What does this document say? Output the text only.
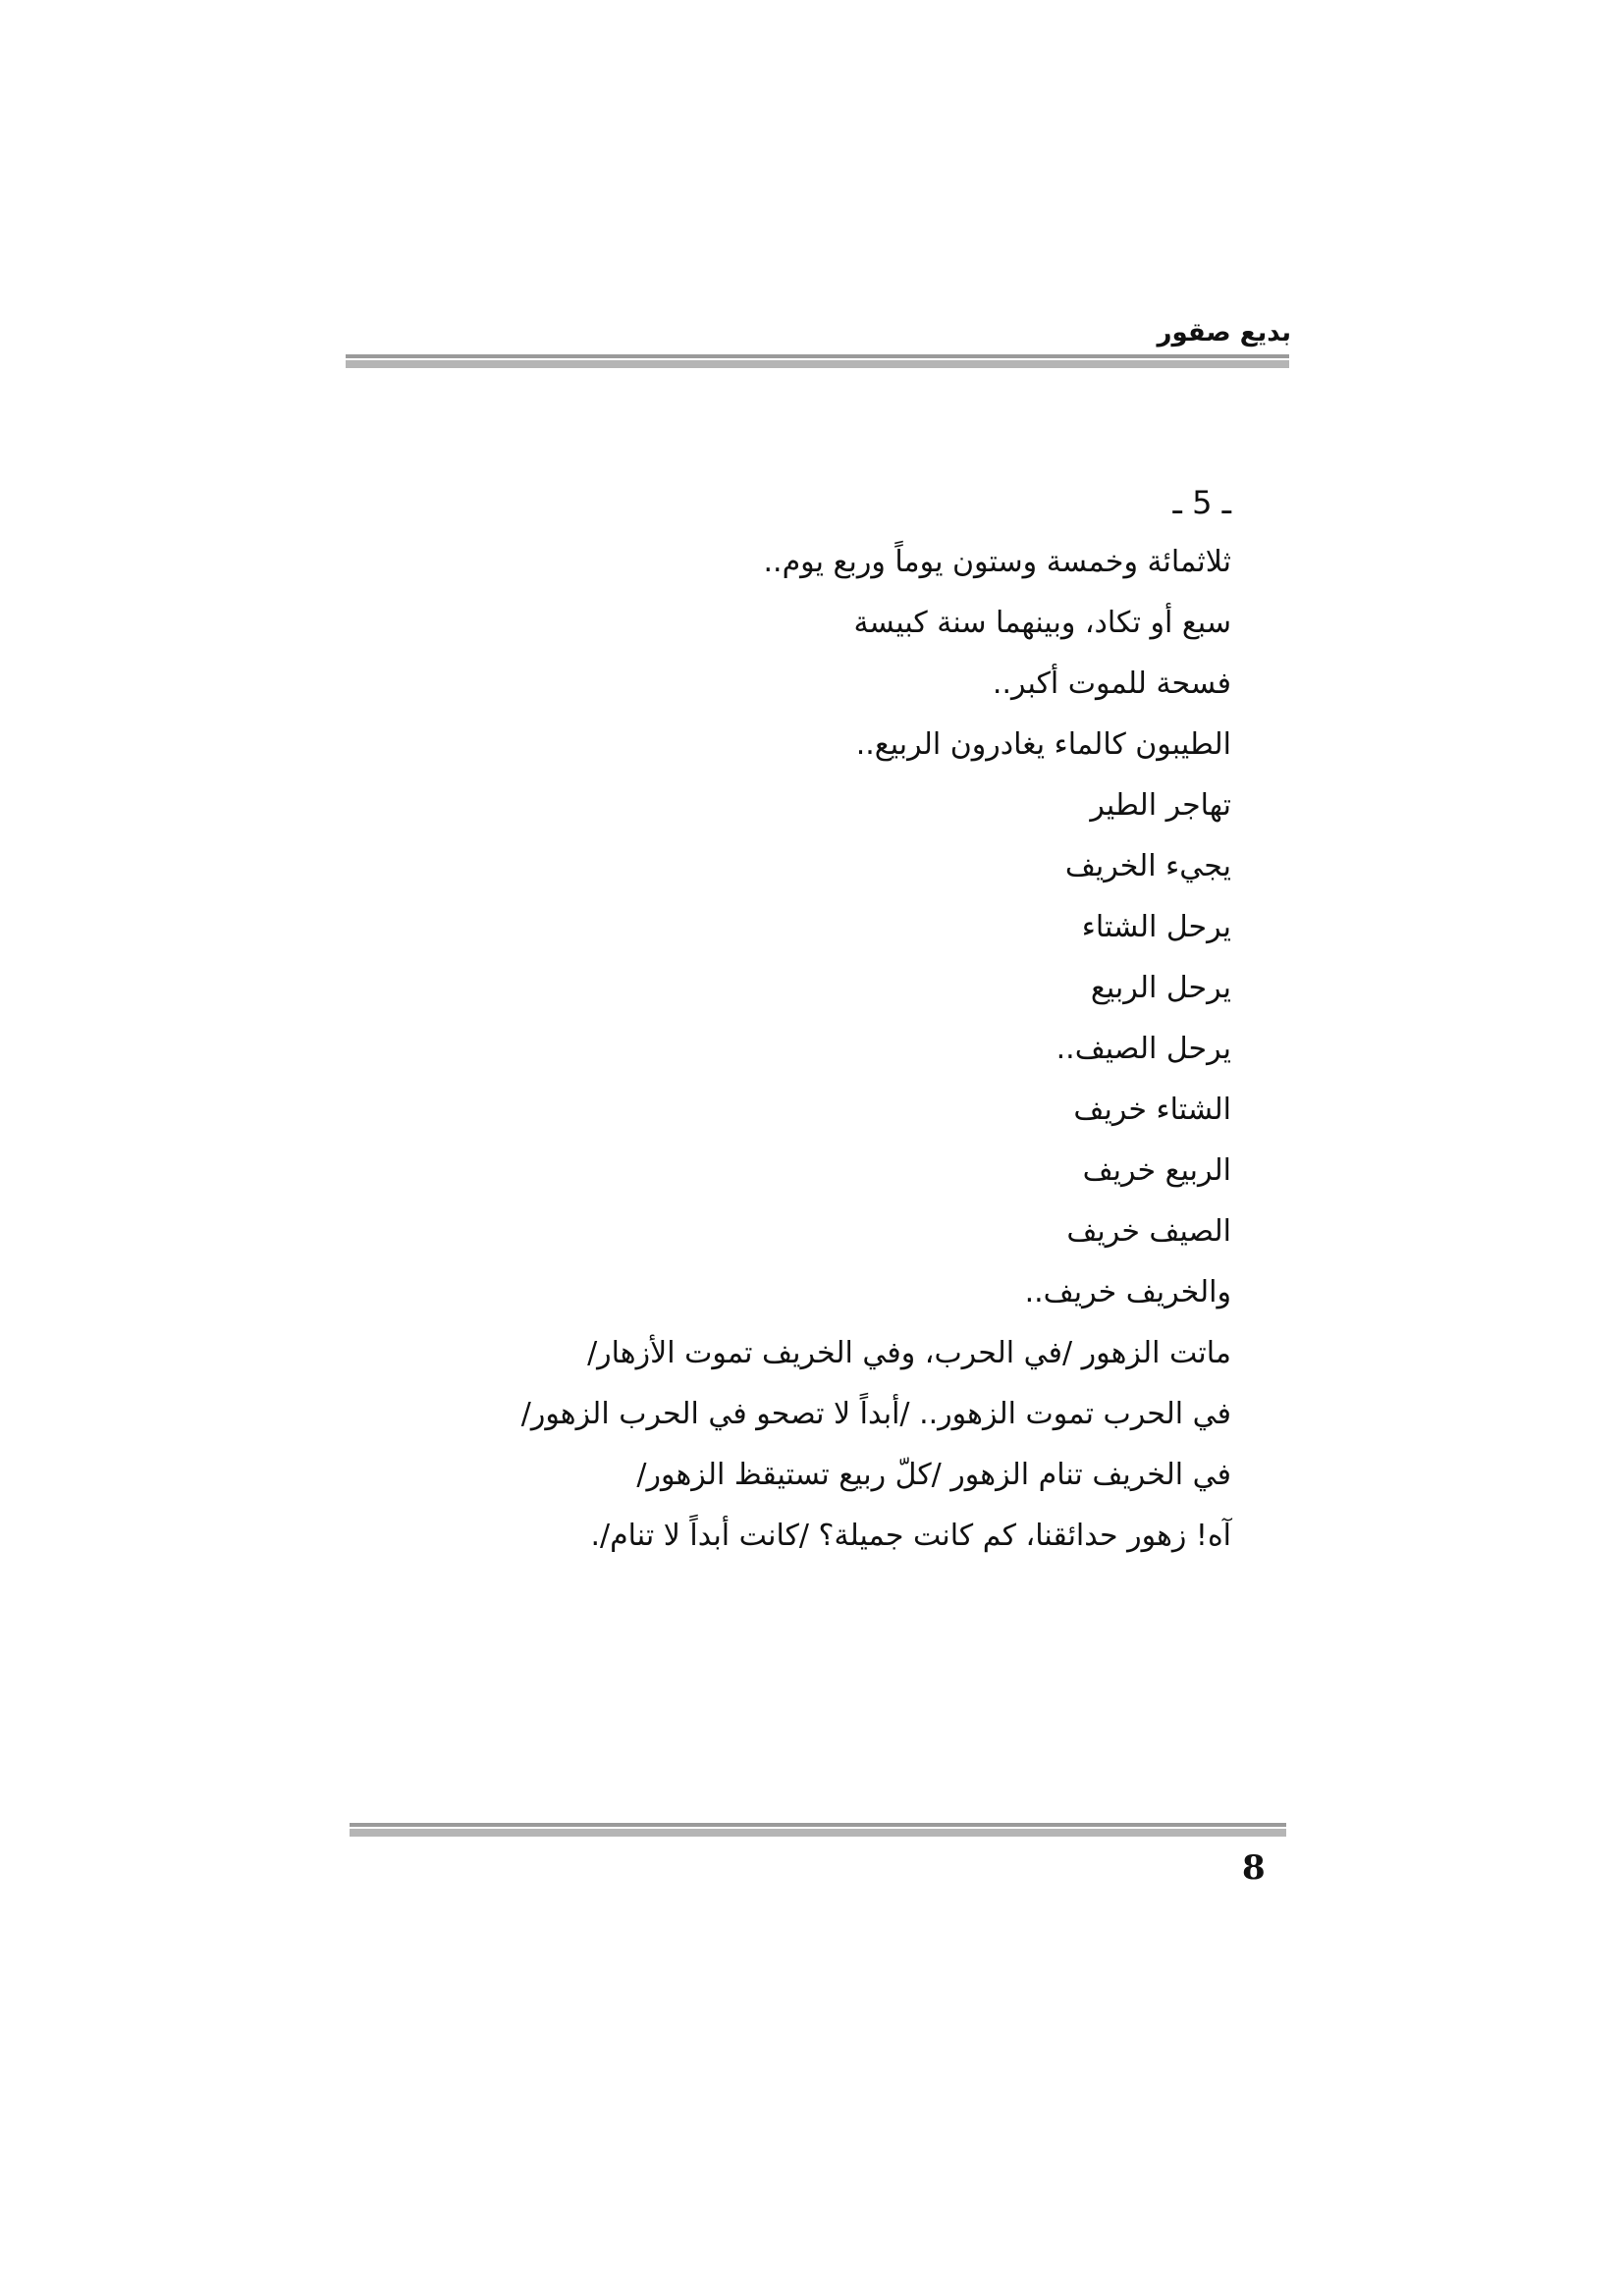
بديع صقور
ـ 5 ـ
ثلاثمائة وخمسة وستون يوماً وربع يوم..
سبع أو تكاد، وبينهما سنة كبيسة
فسحة للموت أكبر..
الطيبون كالماء يغادرون الربيع..
تهاجر الطير
يجيء الخريف
يرحل الشتاء
يرحل الربيع
يرحل الصيف..
الشتاء خريف
الربيع خريف
الصيف خريف
والخريف خريف..
ماتت الزهور /في الحرب، وفي الخريف تموت الأزهار/
في الحرب تموت الزهور.. /أبداً لا تصحو في الحرب الزهور/
في الخريف تنام الزهور /كلّ ربيع تستيقظ الزهور/
آه! زهور حدائقنا، كم كانت جميلة؟ /كانت أبداً لا تنام/.
8
